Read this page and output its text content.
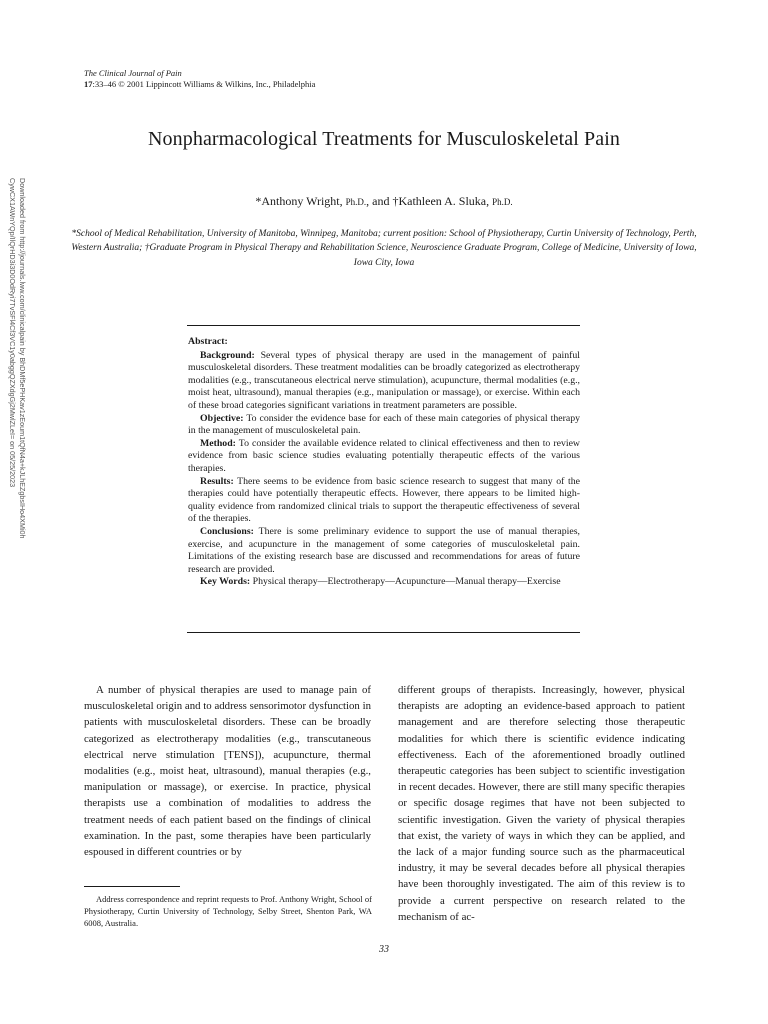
The Clinical Journal of Pain
17:33–46 © 2001 Lippincott Williams & Wilkins, Inc., Philadelphia
Downloaded from http://journals.lww.com/clinicalpain by BhDMf5ePHKav1zEoum1tQfN4a+kJLhEZgbsIHo4XMi0h
CywCX1AWnYQp/IlQrHD3i3D0OdRyi7TvSFl4Cf3VC1y0abggQZXdgGj2MwlZLeI= on 05/25/2023
Nonpharmacological Treatments for Musculoskeletal Pain
*Anthony Wright, Ph.D., and †Kathleen A. Sluka, Ph.D.
*School of Medical Rehabilitation, University of Manitoba, Winnipeg, Manitoba; current position: School of Physiotherapy, Curtin University of Technology, Perth, Western Australia; †Graduate Program in Physical Therapy and Rehabilitation Science, Neuroscience Graduate Program, College of Medicine, University of Iowa, Iowa City, Iowa
Abstract:

Background: Several types of physical therapy are used in the management of painful musculoskeletal disorders. These treatment modalities can be broadly categorized as electrotherapy modalities (e.g., transcutaneous electrical nerve stimulation), acupuncture, thermal modalities (e.g., moist heat, ultrasound), manual therapies (e.g., manipulation or massage), or exercise. Within each of these broad categories significant variations in treatment parameters are possible.

Objective: To consider the evidence base for each of these main categories of physical therapy in the management of musculoskeletal pain.

Method: To consider the available evidence related to clinical effectiveness and then to review evidence from basic science studies evaluating potentially therapeutic effects of the various therapies.

Results: There seems to be evidence from basic science research to suggest that many of the therapies could have potentially therapeutic effects. However, there appears to be limited high-quality evidence from randomized clinical trials to support the therapeutic effectiveness of several of the therapies.

Conclusions: There is some preliminary evidence to support the use of manual therapies, exercise, and acupuncture in the management of some categories of musculoskeletal pain. Limitations of the existing research base are discussed and recommendations for areas of future research are provided.

Key Words: Physical therapy—Electrotherapy—Acupuncture—Manual therapy—Exercise

A number of physical therapies are used to manage pain of musculoskeletal origin and to address sensorimotor dysfunction in patients with musculoskeletal disorders. These can be broadly categorized as electrotherapy modalities (e.g., transcutaneous electrical nerve stimulation [TENS]), acupuncture, thermal modalities (e.g., moist heat, ultrasound), manual therapies (e.g., manipulation or massage), or exercise. In practice, physical therapists use a combination of modalities to address the treatment needs of each patient based on the findings of clinical examination. In the past, some therapies have been particularly espoused in different countries or by

different groups of therapists. Increasingly, however, physical therapists are adopting an evidence-based approach to patient management and are therefore selecting those therapeutic modalities for which there is scientific evidence indicating effectiveness. Each of the aforementioned broadly outlined therapeutic categories has been subject to scientific investigation in recent decades. However, there are still many specific therapies or specific dosage regimes that have not been subjected to scientific investigation. Given the variety of physical therapies that exist, the variety of ways in which they can be applied, and the lack of a major funding source such as the pharmaceutical industry, it may be several decades before all physical therapies have been thoroughly investigated. The aim of this review is to provide a current perspective on research related to the mechanism of ac-

Address correspondence and reprint requests to Prof. Anthony Wright, School of Physiotherapy, Curtin University of Technology, Selby Street, Shenton Park, WA 6008, Australia.
33
